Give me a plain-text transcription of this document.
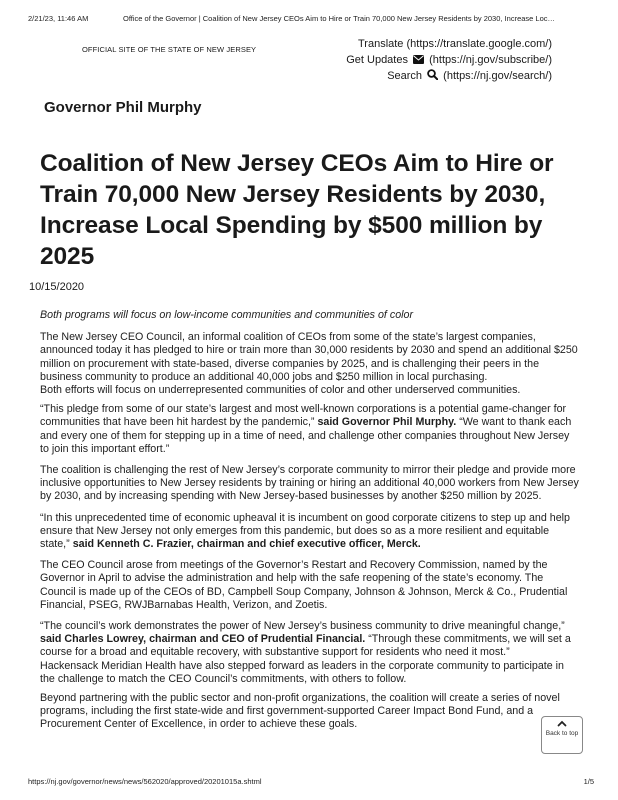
2/21/23, 11:46 AM	Office of the Governor | Coalition of New Jersey CEOs Aim to Hire or Train 70,000 New Jersey Residents by 2030, Increase Loc…
OFFICIAL SITE OF THE STATE OF NEW JERSEY	Translate (https://translate.google.com/)
Get Updates (https://nj.gov/subscribe/)
Search (https://nj.gov/search/)
Governor Phil Murphy
Coalition of New Jersey CEOs Aim to Hire or Train 70,000 New Jersey Residents by 2030, Increase Local Spending by $500 million by 2025
10/15/2020
Both programs will focus on low-income communities and communities of color

The New Jersey CEO Council, an informal coalition of CEOs from some of the state’s largest companies, announced today it has pledged to hire or train more than 30,000 residents by 2030 and spend an additional $250 million on procurement with state-based, diverse companies by 2025, and is challenging their peers in the business community to produce an additional 40,000 jobs and $250 million in local purchasing.
Both efforts will focus on underrepresented communities of color and other underserved communities.

“This pledge from some of our state’s largest and most well-known corporations is a potential game-changer for communities that have been hit hardest by the pandemic,” said Governor Phil Murphy. “We want to thank each and every one of them for stepping up in a time of need, and challenge other companies throughout New Jersey to join this important effort.”

The coalition is challenging the rest of New Jersey’s corporate community to mirror their pledge and provide more inclusive opportunities to New Jersey residents by training or hiring an additional 40,000 workers from New Jersey by 2030, and by increasing spending with New Jersey-based businesses by another $250 million by 2025.

“In this unprecedented time of economic upheaval it is incumbent on good corporate citizens to step up and help ensure that New Jersey not only emerges from this pandemic, but does so as a more resilient and equitable state,” said Kenneth C. Frazier, chairman and chief executive officer, Merck.

The CEO Council arose from meetings of the Governor’s Restart and Recovery Commission, named by the Governor in April to advise the administration and help with the safe reopening of the state’s economy. The Council is made up of the CEOs of BD, Campbell Soup Company, Johnson & Johnson, Merck & Co., Prudential Financial, PSEG, RWJBarnabas Health, Verizon, and Zoetis.

“The council’s work demonstrates the power of New Jersey’s business community to drive meaningful change,” said Charles Lowrey, chairman and CEO of Prudential Financial. “Through these commitments, we will set a course for a broad and equitable recovery, with substantive support for residents who need it most.”
Hackensack Meridian Health have also stepped forward as leaders in the corporate community to participate in the challenge to match the CEO Council’s commitments, with others to follow.

Beyond partnering with the public sector and non-profit organizations, the coalition will create a series of novel programs, including the first state-wide and first government-supported Career Impact Bond Fund, and a Procurement Center of Excellence, in order to achieve these goals.

Back to top
https://nj.gov/governor/news/news/562020/approved/20201015a.shtml	1/5
